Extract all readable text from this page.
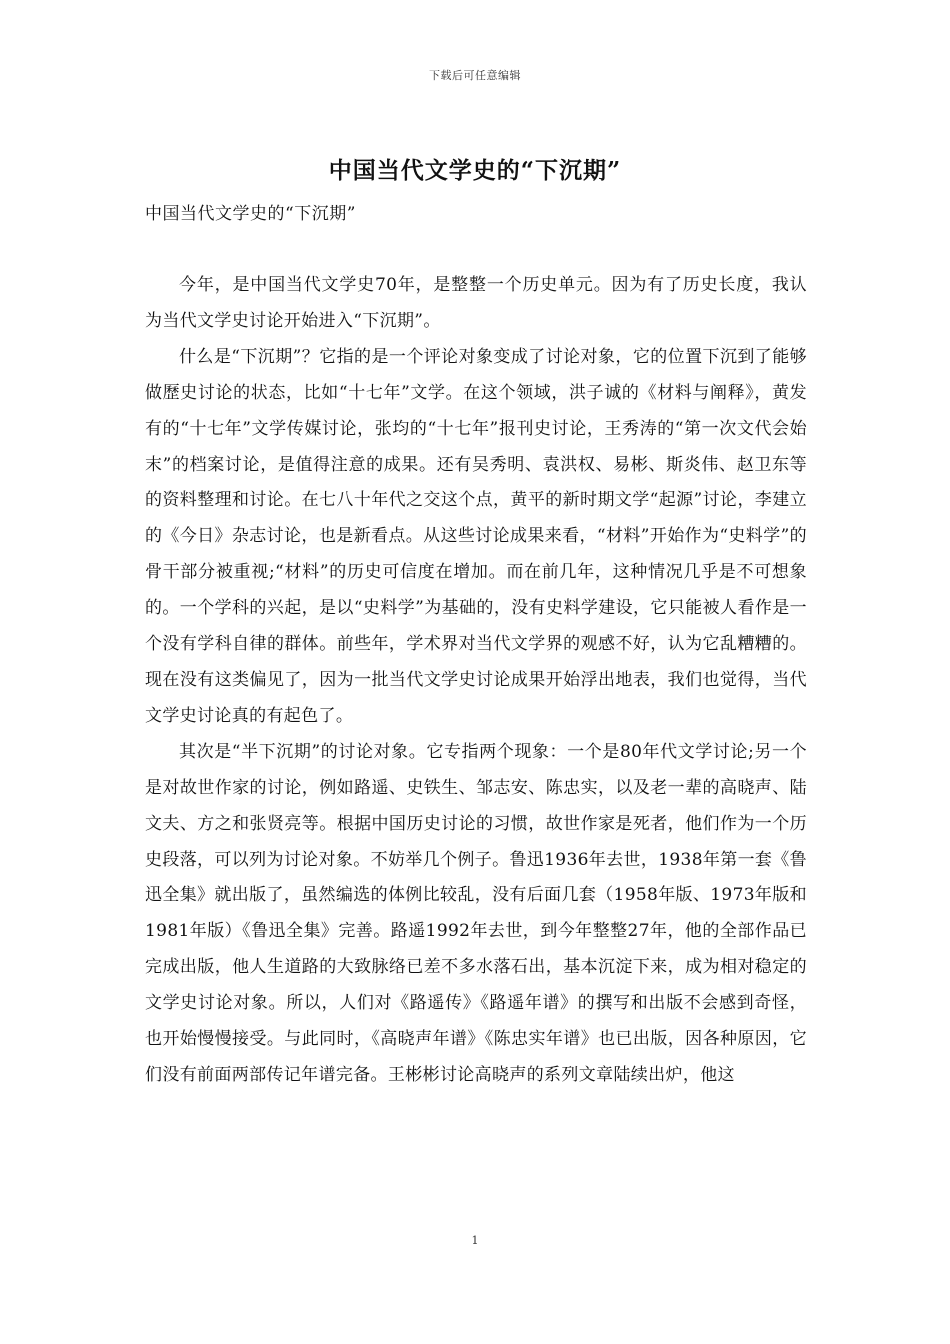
下载后可任意编辑
中国当代文学史的“下沉期”
中国当代文学史的“下沉期”

今年，是中国当代文学史70年，是整整一个历史单元。因为有了历史长度，我认为当代文学史讨论开始进入“下沉期”。

什么是“下沉期”？它指的是一个评论对象变成了讨论对象，它的位置下沉到了能够做歷史讨论的状态，比如“十七年”文学。在这个领域，洪子诚的《材料与阐释》，黄发有的“十七年”文学传媒讨论，张均的“十七年”报刊史讨论，王秀涛的“第一次文代会始末”的档案讨论，是值得注意的成果。还有吴秀明、袁洪权、易彬、斯炎伟、赵卫东等的资料整理和讨论。在七八十年代之交这个点，黄平的新时期文学“起源”讨论，李建立的《今日》杂志讨论，也是新看点。从这些讨论成果来看，“材料”开始作为“史料学”的骨干部分被重视;“材料”的历史可信度在增加。而在前几年，这种情况几乎是不可想象的。一个学科的兴起，是以“史料学”为基础的，没有史料学建设，它只能被人看作是一个没有学科自律的群体。前些年，学术界对当代文学界的观感不好，认为它乱糟糟的。现在没有这类偏见了，因为一批当代文学史讨论成果开始浮出地表，我们也觉得，当代文学史讨论真的有起色了。

其次是“半下沉期”的讨论对象。它专指两个现象：一个是80年代文学讨论;另一个是对故世作家的讨论，例如路遥、史铁生、邹志安、陈忠实，以及老一辈的高晓声、陆文夫、方之和张贤亮等。根据中国历史讨论的习惯，故世作家是死者，他们作为一个历史段落，可以列为讨论对象。不妨举几个例子。鲁迅1936年去世，1938年第一套《鲁迅全集》就出版了，虽然编选的体例比较乱，没有后面几套（1958年版、1973年版和1981年版）《鲁迅全集》完善。路遥1992年去世，到今年整整27年，他的全部作品已完成出版，他人生道路的大致脉络已差不多水落石出，基本沉淀下来，成为相对稳定的文学史讨论对象。所以，人们对《路遥传》《路遥年谱》的撰写和出版不会感到奇怪，也开始慢慢接受。与此同时，《高晓声年谱》《陈忠实年谱》也已出版，因各种原因，它们没有前面两部传记年谱完备。王彬彬讨论高晓声的系列文章陆续出炉，他这

1
